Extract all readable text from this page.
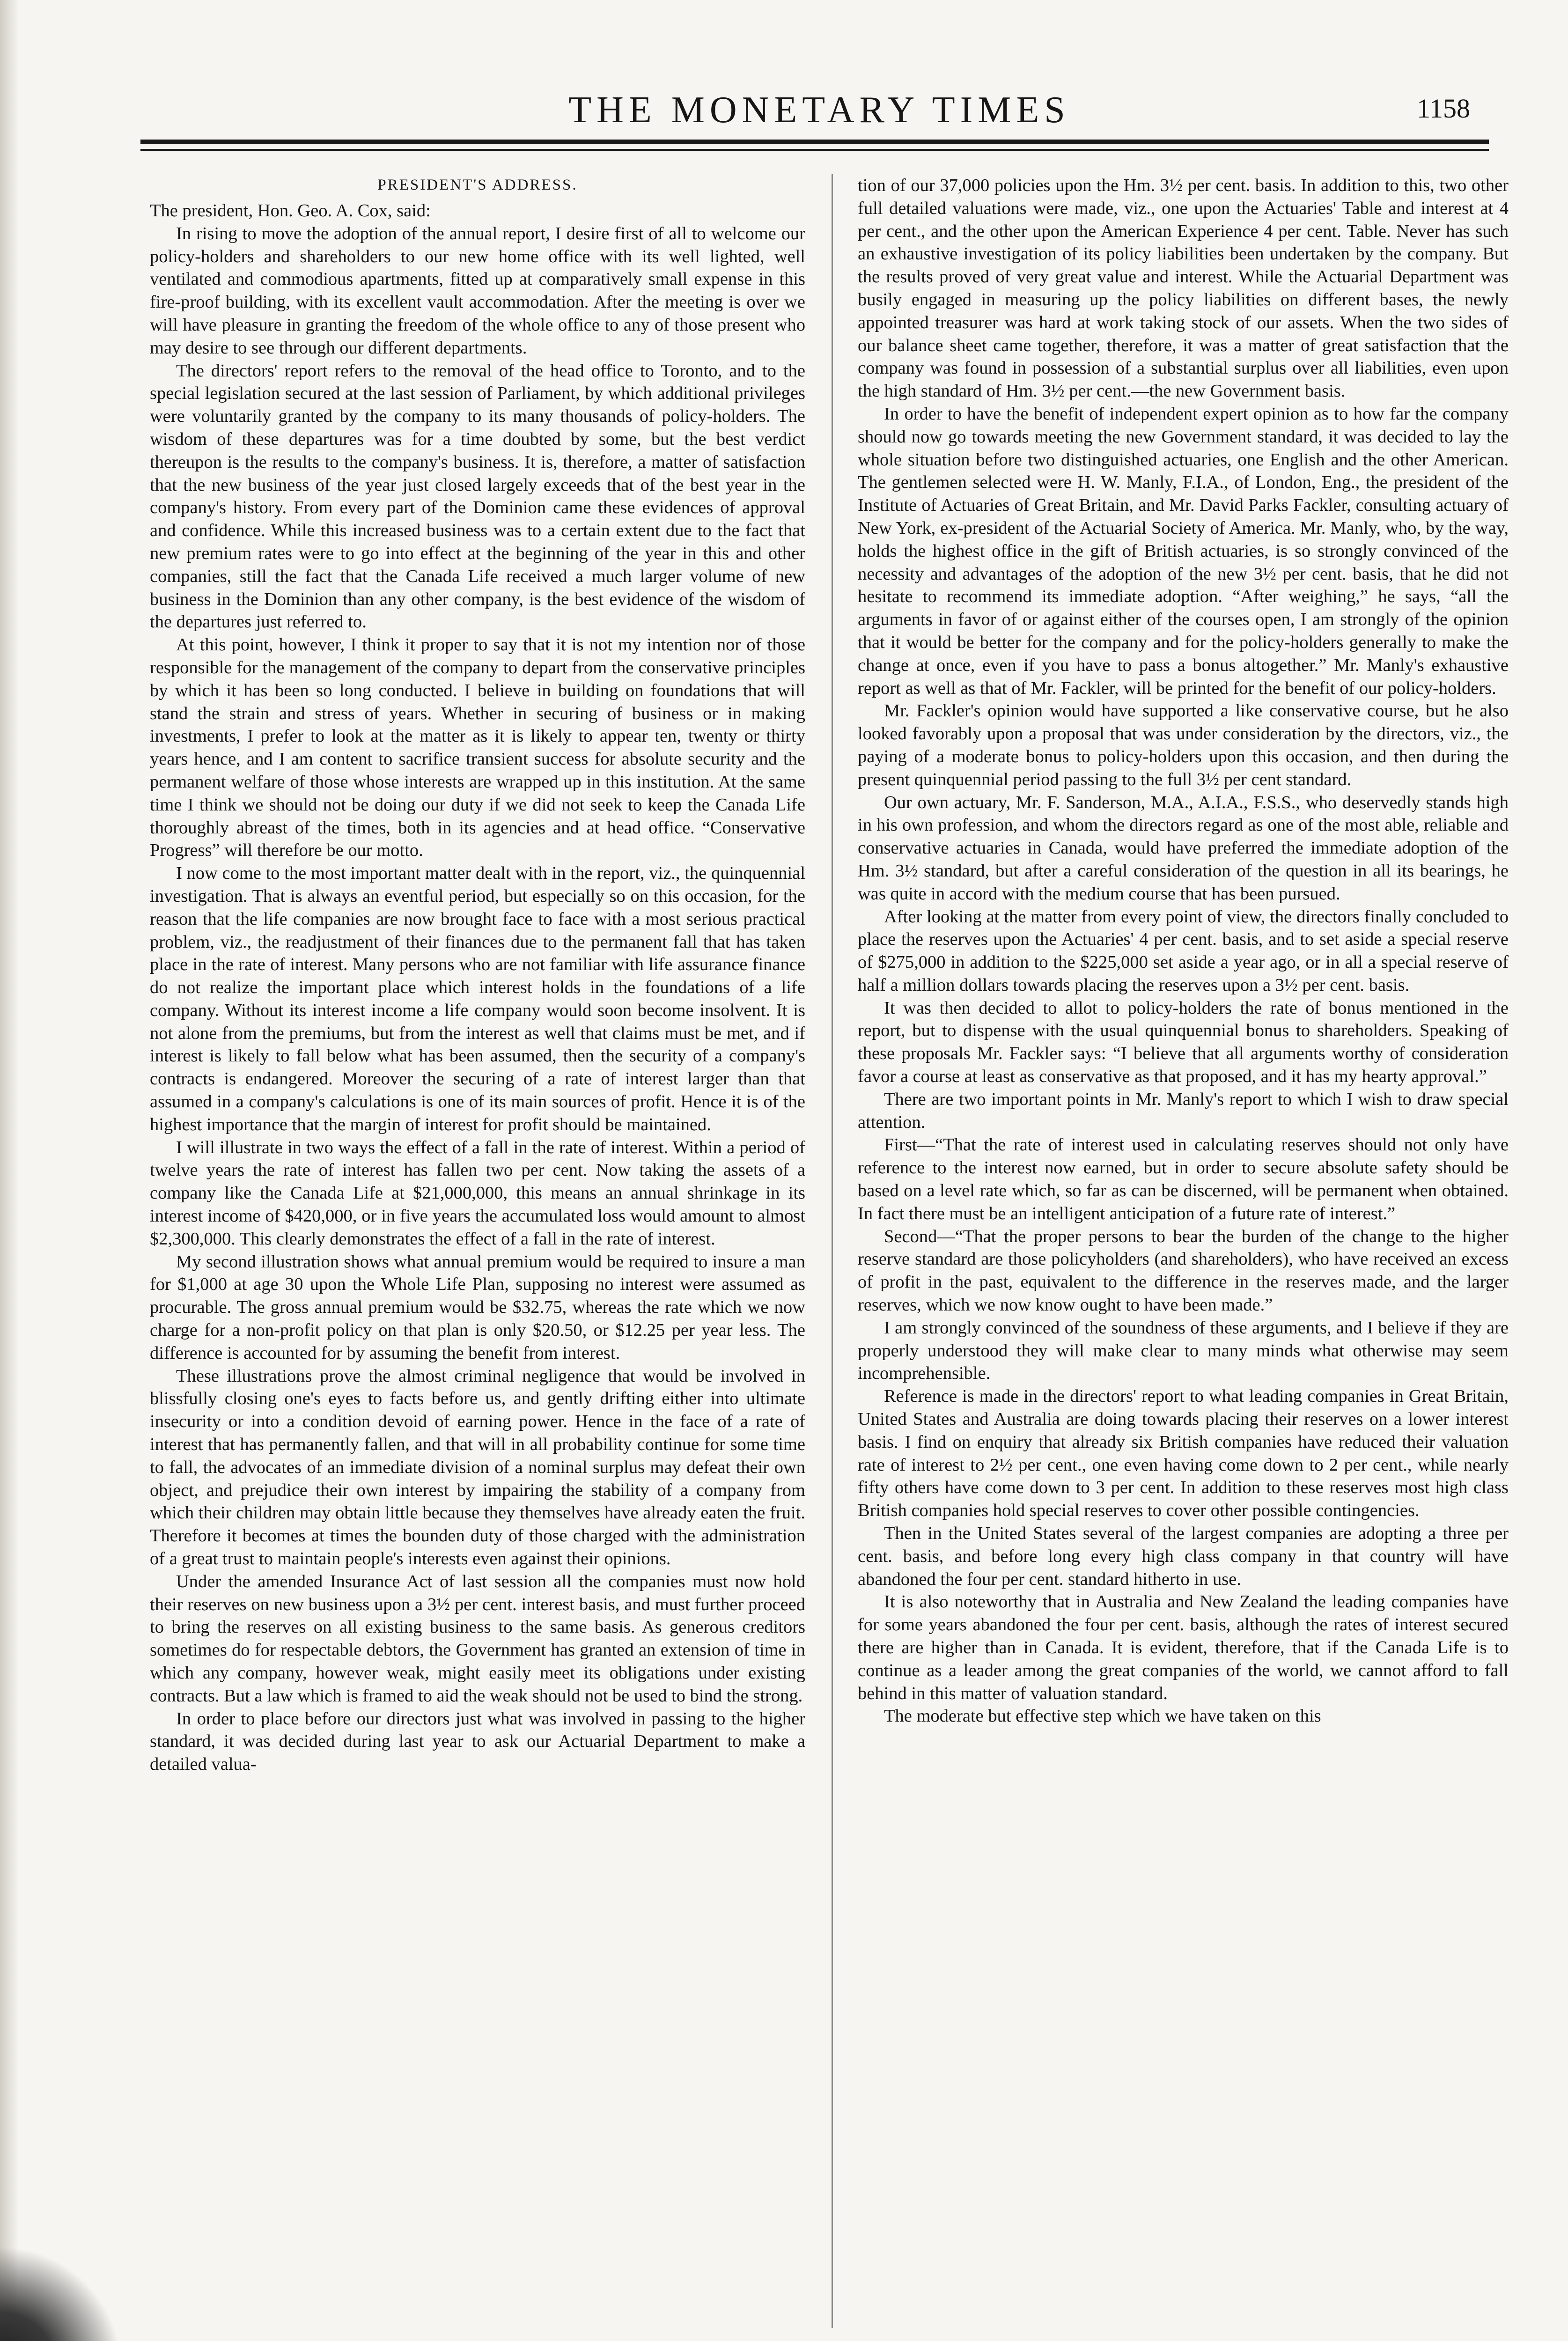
THE MONETARY TIMES	1158
PRESIDENT'S ADDRESS.

The president, Hon. Geo. A. Cox, said:

In rising to move the adoption of the annual report, I desire first of all to welcome our policy-holders and shareholders to our new home office with its well lighted, well ventilated and commodious apartments, fitted up at comparatively small expense in this fire-proof building, with its excellent vault accommodation. After the meeting is over we will have pleasure in granting the freedom of the whole office to any of those present who may desire to see through our different departments.

The directors' report refers to the removal of the head office to Toronto, and to the special legislation secured at the last session of Parliament, by which additional privileges were voluntarily granted by the company to its many thousands of policy-holders. The wisdom of these departures was for a time doubted by some, but the best verdict thereupon is the results to the company's business. It is, therefore, a matter of satisfaction that the new business of the year just closed largely exceeds that of the best year in the company's history. From every part of the Dominion came these evidences of approval and confidence. While this increased business was to a certain extent due to the fact that new premium rates were to go into effect at the beginning of the year in this and other companies, still the fact that the Canada Life received a much larger volume of new business in the Dominion than any other company, is the best evidence of the wisdom of the departures just referred to.

At this point, however, I think it proper to say that it is not my intention nor of those responsible for the management of the company to depart from the conservative principles by which it has been so long conducted. I believe in building on foundations that will stand the strain and stress of years. Whether in securing of business or in making investments, I prefer to look at the matter as it is likely to appear ten, twenty or thirty years hence, and I am content to sacrifice transient success for absolute security and the permanent welfare of those whose interests are wrapped up in this institution. At the same time I think we should not be doing our duty if we did not seek to keep the Canada Life thoroughly abreast of the times, both in its agencies and at head office. “Conservative Progress” will therefore be our motto.

I now come to the most important matter dealt with in the report, viz., the quinquennial investigation. That is always an eventful period, but especially so on this occasion, for the reason that the life companies are now brought face to face with a most serious practical problem, viz., the readjustment of their finances due to the permanent fall that has taken place in the rate of interest. Many persons who are not familiar with life assurance finance do not realize the important place which interest holds in the foundations of a life company. Without its interest income a life company would soon become insolvent. It is not alone from the premiums, but from the interest as well that claims must be met, and if interest is likely to fall below what has been assumed, then the security of a company's contracts is endangered. Moreover the securing of a rate of interest larger than that assumed in a company's calculations is one of its main sources of profit. Hence it is of the highest importance that the margin of interest for profit should be maintained.

I will illustrate in two ways the effect of a fall in the rate of interest. Within a period of twelve years the rate of interest has fallen two per cent. Now taking the assets of a company like the Canada Life at $21,000,000, this means an annual shrinkage in its interest income of $420,000, or in five years the accumulated loss would amount to almost $2,300,000. This clearly demonstrates the effect of a fall in the rate of interest.

My second illustration shows what annual premium would be required to insure a man for $1,000 at age 30 upon the Whole Life Plan, supposing no interest were assumed as procurable. The gross annual premium would be $32.75, whereas the rate which we now charge for a non-profit policy on that plan is only $20.50, or $12.25 per year less. The difference is accounted for by assuming the benefit from interest.

These illustrations prove the almost criminal negligence that would be involved in blissfully closing one's eyes to facts before us, and gently drifting either into ultimate insecurity or into a condition devoid of earning power. Hence in the face of a rate of interest that has permanently fallen, and that will in all probability continue for some time to fall, the advocates of an immediate division of a nominal surplus may defeat their own object, and prejudice their own interest by impairing the stability of a company from which their children may obtain little because they themselves have already eaten the fruit. Therefore it becomes at times the bounden duty of those charged with the administration of a great trust to maintain people's interests even against their opinions.

Under the amended Insurance Act of last session all the companies must now hold their reserves on new business upon a 3½ per cent. interest basis, and must further proceed to bring the reserves on all existing business to the same basis. As generous creditors sometimes do for respectable debtors, the Government has granted an extension of time in which any company, however weak, might easily meet its obligations under existing contracts. But a law which is framed to aid the weak should not be used to bind the strong.

In order to place before our directors just what was involved in passing to the higher standard, it was decided during last year to ask our Actuarial Department to make a detailed valua-

tion of our 37,000 policies upon the Hm. 3½ per cent. basis. In addition to this, two other full detailed valuations were made, viz., one upon the Actuaries' Table and interest at 4 per cent., and the other upon the American Experience 4 per cent. Table. Never has such an exhaustive investigation of its policy liabilities been undertaken by the company. But the results proved of very great value and interest. While the Actuarial Department was busily engaged in measuring up the policy liabilities on different bases, the newly appointed treasurer was hard at work taking stock of our assets. When the two sides of our balance sheet came together, therefore, it was a matter of great satisfaction that the company was found in possession of a substantial surplus over all liabilities, even upon the high standard of Hm. 3½ per cent.—the new Government basis.

In order to have the benefit of independent expert opinion as to how far the company should now go towards meeting the new Government standard, it was decided to lay the whole situation before two distinguished actuaries, one English and the other American. The gentlemen selected were H. W. Manly, F.I.A., of London, Eng., the president of the Institute of Actuaries of Great Britain, and Mr. David Parks Fackler, consulting actuary of New York, ex-president of the Actuarial Society of America. Mr. Manly, who, by the way, holds the highest office in the gift of British actuaries, is so strongly convinced of the necessity and advantages of the adoption of the new 3½ per cent. basis, that he did not hesitate to recommend its immediate adoption. “After weighing,” he says, “all the arguments in favor of or against either of the courses open, I am strongly of the opinion that it would be better for the company and for the policy-holders generally to make the change at once, even if you have to pass a bonus altogether.” Mr. Manly's exhaustive report as well as that of Mr. Fackler, will be printed for the benefit of our policy-holders.

Mr. Fackler's opinion would have supported a like conservative course, but he also looked favorably upon a proposal that was under consideration by the directors, viz., the paying of a moderate bonus to policy-holders upon this occasion, and then during the present quinquennial period passing to the full 3½ per cent standard.

Our own actuary, Mr. F. Sanderson, M.A., A.I.A., F.S.S., who deservedly stands high in his own profession, and whom the directors regard as one of the most able, reliable and conservative actuaries in Canada, would have preferred the immediate adoption of the Hm. 3½ standard, but after a careful consideration of the question in all its bearings, he was quite in accord with the medium course that has been pursued.

After looking at the matter from every point of view, the directors finally concluded to place the reserves upon the Actuaries' 4 per cent. basis, and to set aside a special reserve of $275,000 in addition to the $225,000 set aside a year ago, or in all a special reserve of half a million dollars towards placing the reserves upon a 3½ per cent. basis.

It was then decided to allot to policy-holders the rate of bonus mentioned in the report, but to dispense with the usual quinquennial bonus to shareholders. Speaking of these proposals Mr. Fackler says: “I believe that all arguments worthy of consideration favor a course at least as conservative as that proposed, and it has my hearty approval.”

There are two important points in Mr. Manly's report to which I wish to draw special attention.

First—“That the rate of interest used in calculating reserves should not only have reference to the interest now earned, but in order to secure absolute safety should be based on a level rate which, so far as can be discerned, will be permanent when obtained. In fact there must be an intelligent anticipation of a future rate of interest.”

Second—“That the proper persons to bear the burden of the change to the higher reserve standard are those policyholders (and shareholders), who have received an excess of profit in the past, equivalent to the difference in the reserves made, and the larger reserves, which we now know ought to have been made.”

I am strongly convinced of the soundness of these arguments, and I believe if they are properly understood they will make clear to many minds what otherwise may seem incomprehensible.

Reference is made in the directors' report to what leading companies in Great Britain, United States and Australia are doing towards placing their reserves on a lower interest basis. I find on enquiry that already six British companies have reduced their valuation rate of interest to 2½ per cent., one even having come down to 2 per cent., while nearly fifty others have come down to 3 per cent. In addition to these reserves most high class British companies hold special reserves to cover other possible contingencies.

Then in the United States several of the largest companies are adopting a three per cent. basis, and before long every high class company in that country will have abandoned the four per cent. standard hitherto in use.

It is also noteworthy that in Australia and New Zealand the leading companies have for some years abandoned the four per cent. basis, although the rates of interest secured there are higher than in Canada. It is evident, therefore, that if the Canada Life is to continue as a leader among the great companies of the world, we cannot afford to fall behind in this matter of valuation standard.

The moderate but effective step which we have taken on this
